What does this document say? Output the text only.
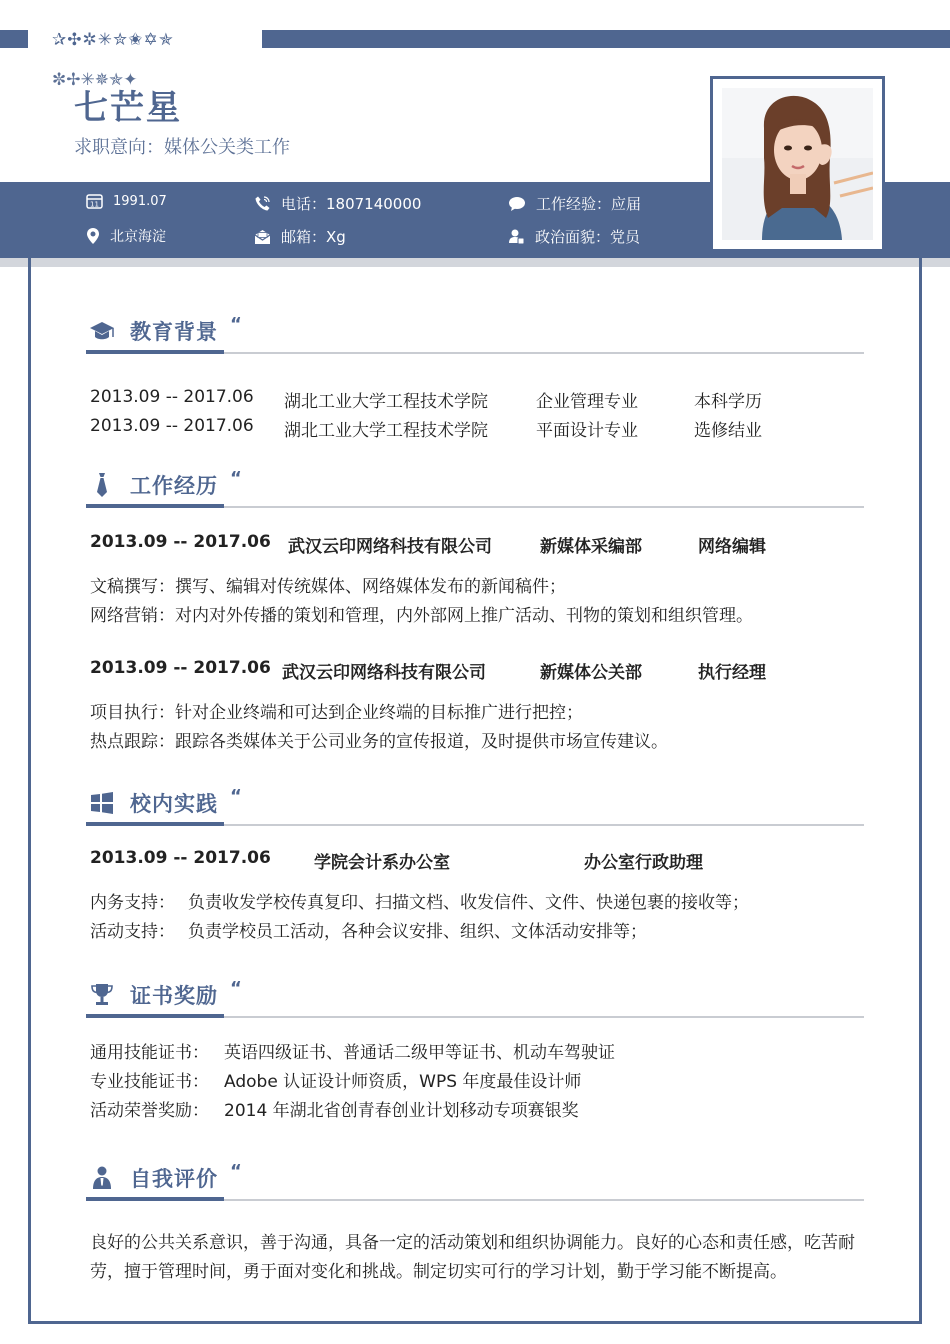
✰✣✲✳✮✬✡✯
✼✢✳✵✯✦
七芒星
求职意向：媒体公关类工作
11 1991.07
北京海淀
电话：1807140000
邮箱：Xg
工作经验：应届
政治面貌：党员
教育背景 “
2013.09 -- 2017.06 湖北工业大学工程技术学院	企业管理专业	本科学历
2013.09 -- 2017.06 湖北工业大学工程技术学院	平面设计专业	选修结业
工作经历 “
2013.09 -- 2017.06 武汉云印网络科技有限公司	新媒体采编部	网络编辑
文稿撰写：撰写、编辑对传统媒体、网络媒体发布的新闻稿件；
网络营销：对内对外传播的策划和管理，内外部网上推广活动、刊物的策划和组织管理。
2013.09 -- 2017.06 武汉云印网络科技有限公司	新媒体公关部	执行经理
项目执行：针对企业终端和可达到企业终端的目标推广进行把控；
热点跟踪：跟踪各类媒体关于公司业务的宣传报道，及时提供市场宣传建议。
校内实践 “
2013.09 -- 2017.06	学院会计系办公室	办公室行政助理
内务支持： 负责收发学校传真复印、扫描文档、收发信件、文件、快递包裹的接收等；
活动支持： 负责学校员工活动，各种会议安排、组织、文体活动安排等；
证书奖励 “
通用技能证书： 英语四级证书、普通话二级甲等证书、机动车驾驶证
专业技能证书： Adobe 认证设计师资质，WPS 年度最佳设计师
活动荣誉奖励： 2014 年湖北省创青春创业计划移动专项赛银奖
自我评价 “
良好的公共关系意识，善于沟通，具备一定的活动策划和组织协调能力。良好的心态和责任感，吃苦耐劳，擅于管理时间，勇于面对变化和挑战。制定切实可行的学习计划，勤于学习能不断提高。
